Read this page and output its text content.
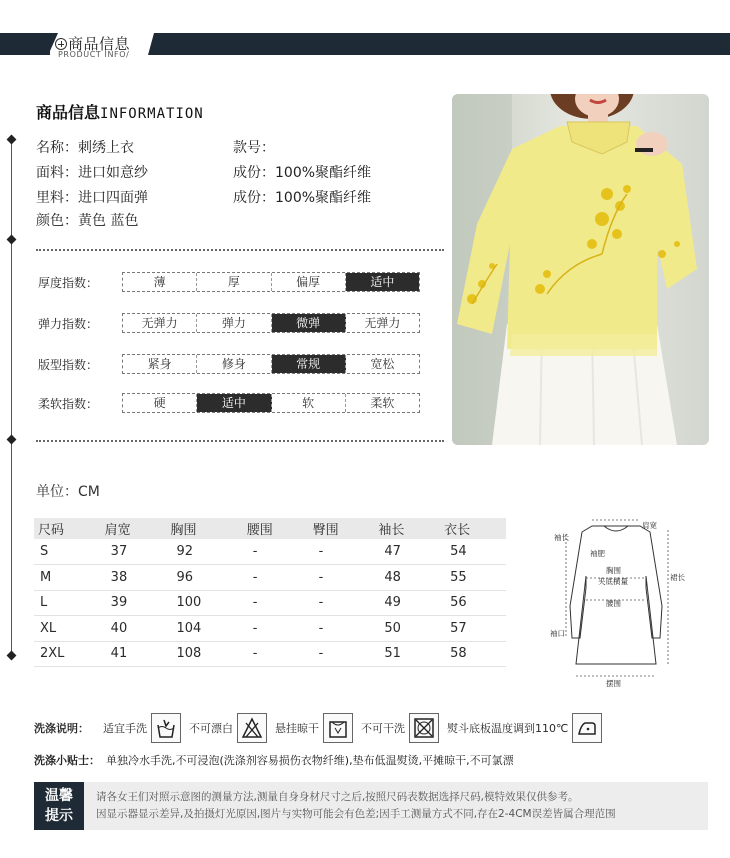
商品信息
PRODUCT INFO/
商品信息INFORMATION
名称：刺绣上衣	款号：
面料：进口如意纱	成份：100%聚酯纤维
里料：进口四面弹	成份：100%聚酯纤维
颜色：黄色 蓝色
厚度指数：	薄	厚	偏厚	适中
弹力指数：	无弹力	弹力	微弹	无弹力
版型指数：	紧身	修身	常规	宽松
柔软指数：	硬	适中	软	柔软
单位：CM
尺码	肩宽	胸围	腰围	臀围	袖长	衣长
S	37	92	-	-	47	54
M	38	96	-	-	48	55
L	39	100	-	-	49	56
XL	40	104	-	-	50	57
2XL	41	108	-	-	51	58
肩宽
袖长
袖肥
胸围
夹底横量
腰围
裙长
袖口
摆围
洗涤说明： 适宜手洗	不可漂白	悬挂晾干	不可干洗	熨斗底板温度调到110℃
洗涤小贴士： 单独冷水手洗,不可浸泡(洗涤剂容易损伤衣物纤维),垫布低温熨烫,平摊晾干,不可氯漂
温馨
提示
请各女王们对照示意图的测量方法,测量自身身材尺寸之后,按照尺码表数据选择尺码,模特效果仅供参考。
因显示器显示差异,及拍摄灯光原因,图片与实物可能会有色差;因手工测量方式不同,存在2-4CM误差皆属合理范围
